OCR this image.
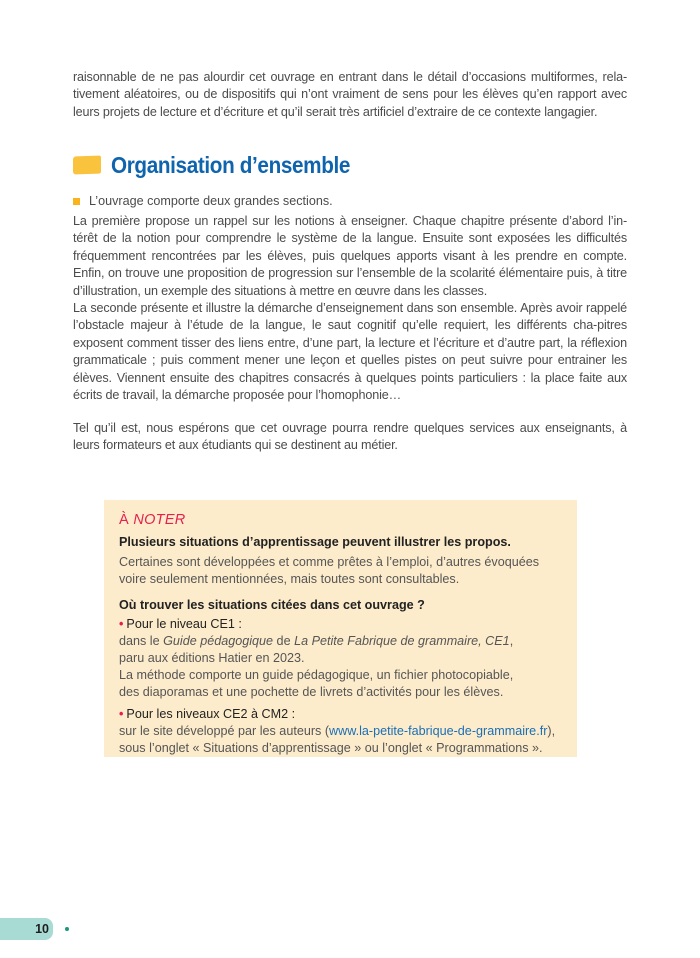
raisonnable de ne pas alourdir cet ouvrage en entrant dans le détail d’occasions multiformes, rela-tivement aléatoires, ou de dispositifs qui n’ont vraiment de sens pour les élèves qu’en rapport avec leurs projets de lecture et d’écriture et qu’il serait très artificiel d’extraire de ce contexte langagier.

Organisation d’ensemble
L’ouvrage comporte deux grandes sections.

La première propose un rappel sur les notions à enseigner. Chaque chapitre présente d’abord l’in-térêt de la notion pour comprendre le système de la langue. Ensuite sont exposées les difficultés fréquemment rencontrées par les élèves, puis quelques apports visant à les prendre en compte. Enfin, on trouve une proposition de progression sur l’ensemble de la scolarité élémentaire puis, à titre d’illustration, un exemple des situations à mettre en œuvre dans les classes.

La seconde présente et illustre la démarche d’enseignement dans son ensemble. Après avoir rappelé l’obstacle majeur à l’étude de la langue, le saut cognitif qu’elle requiert, les différents cha-pitres exposent comment tisser des liens entre, d’une part, la lecture et l’écriture et d’autre part, la réflexion grammaticale ; puis comment mener une leçon et quelles pistes on peut suivre pour entrainer les élèves. Viennent ensuite des chapitres consacrés à quelques points particuliers : la place faite aux écrits de travail, la démarche proposée pour l’homophonie…

Tel qu’il est, nous espérons que cet ouvrage pourra rendre quelques services aux enseignants, à leurs formateurs et aux étudiants qui se destinent au métier.

À NOTER
Plusieurs situations d’apprentissage peuvent illustrer les propos.
Certaines sont développées et comme prêtes à l’emploi, d’autres évoquées voire seulement mentionnées, mais toutes sont consultables.
Où trouver les situations citées dans cet ouvrage ?
• Pour le niveau CE1 :
dans le Guide pédagogique de La Petite Fabrique de grammaire, CE1,
paru aux éditions Hatier en 2023.
La méthode comporte un guide pédagogique, un fichier photocopiable,
des diaporamas et une pochette de livrets d’activités pour les élèves.
• Pour les niveaux CE2 à CM2 :
sur le site développé par les auteurs (www.la-petite-fabrique-de-grammaire.fr),
sous l’onglet « Situations d’apprentissage » ou l’onglet « Programmations ».
10
